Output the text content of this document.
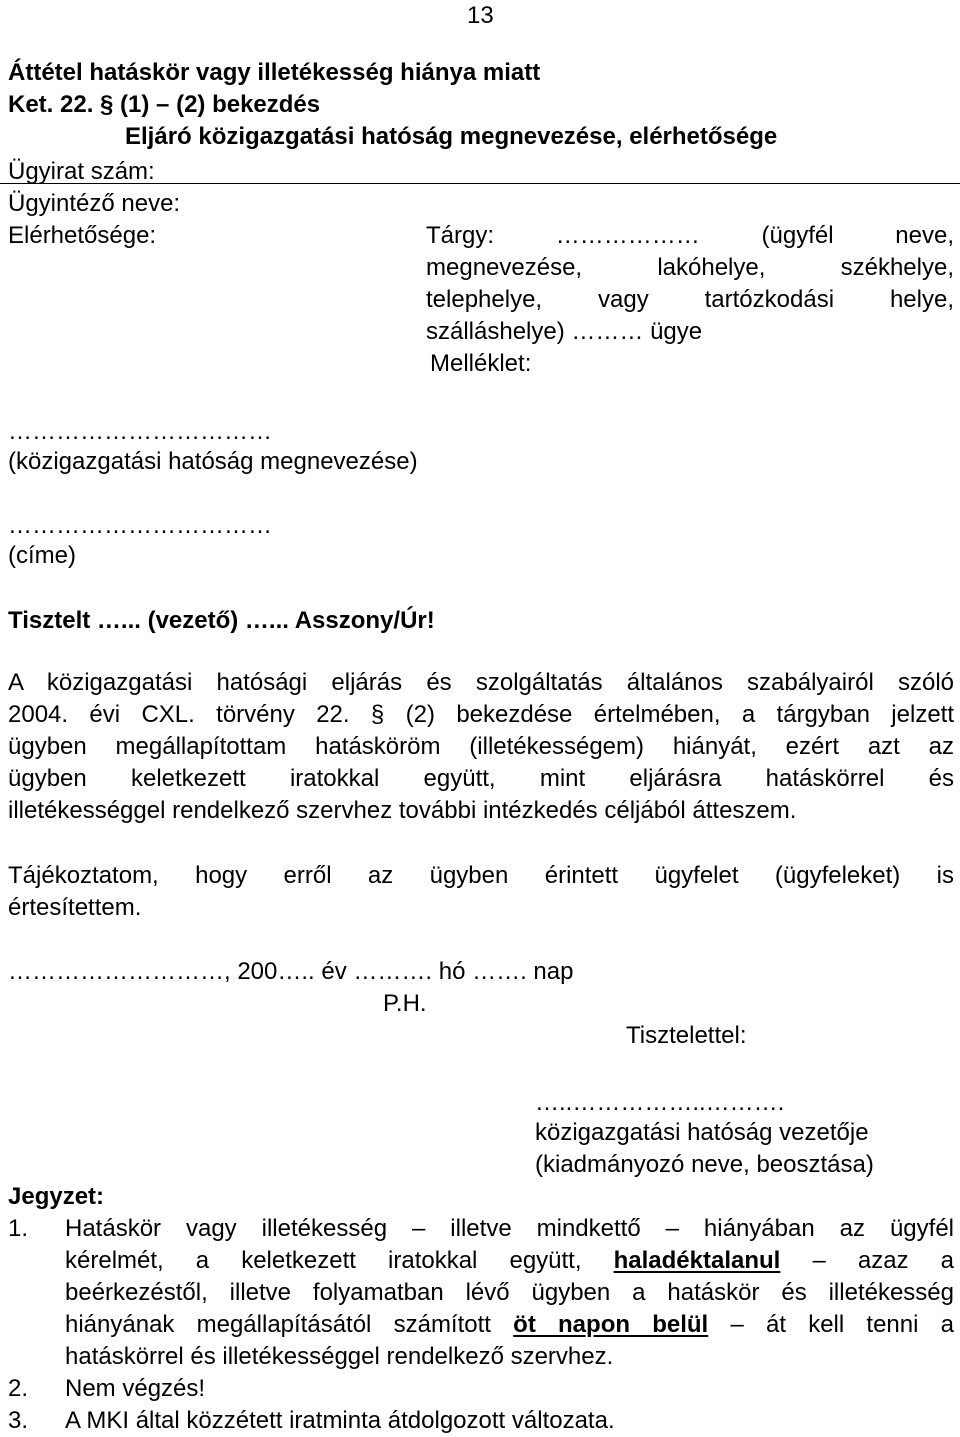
13
Áttétel hatáskör vagy illetékesség hiánya miatt
Ket. 22. § (1) – (2) bekezdés
Eljáró közigazgatási hatóság megnevezése, elérhetősége
Ügyirat szám:
Ügyintéző neve:
Elérhetősége:	Tárgy: ……………… (ügyfél neve,
megnevezése, lakóhelye, székhelye,
telephelye, vagy tartózkodási helye,
szálláshelye) ……… ügye
Melléklet:
……………………………
(közigazgatási hatóság megnevezése)
……………………………
(címe)
Tisztelt …... (vezető) …... Asszony/Úr!
A közigazgatási hatósági eljárás és szolgáltatás általános szabályairól szóló
2004. évi CXL. törvény 22. § (2) bekezdése értelmében, a tárgyban jelzett
ügyben megállapítottam hatásköröm (illetékességem) hiányát, ezért azt az
ügyben keletkezett iratokkal együtt, mint eljárásra hatáskörrel és
illetékességgel rendelkező szervhez további intézkedés céljából átteszem.
Tájékoztatom, hogy erről az ügyben érintett ügyfelet (ügyfeleket) is
értesítettem.
………………………, 200….. év ………. hó ……. nap
P.H.
Tisztelettel:
…..……………..……….
közigazgatási hatóság vezetője
(kiadmányozó neve, beosztása)
Jegyzet:
1. Hatáskör vagy illetékesség – illetve mindkettő – hiányában az ügyfél
kérelmét, a keletkezett iratokkal együtt, haladéktalanul – azaz a
beérkezéstől, illetve folyamatban lévő ügyben a hatáskör és illetékesség
hiányának megállapításától számított öt napon belül – át kell tenni a
hatáskörrel és illetékességgel rendelkező szervhez.
2. Nem végzés!
3. A MKI által közzétett iratminta átdolgozott változata.
